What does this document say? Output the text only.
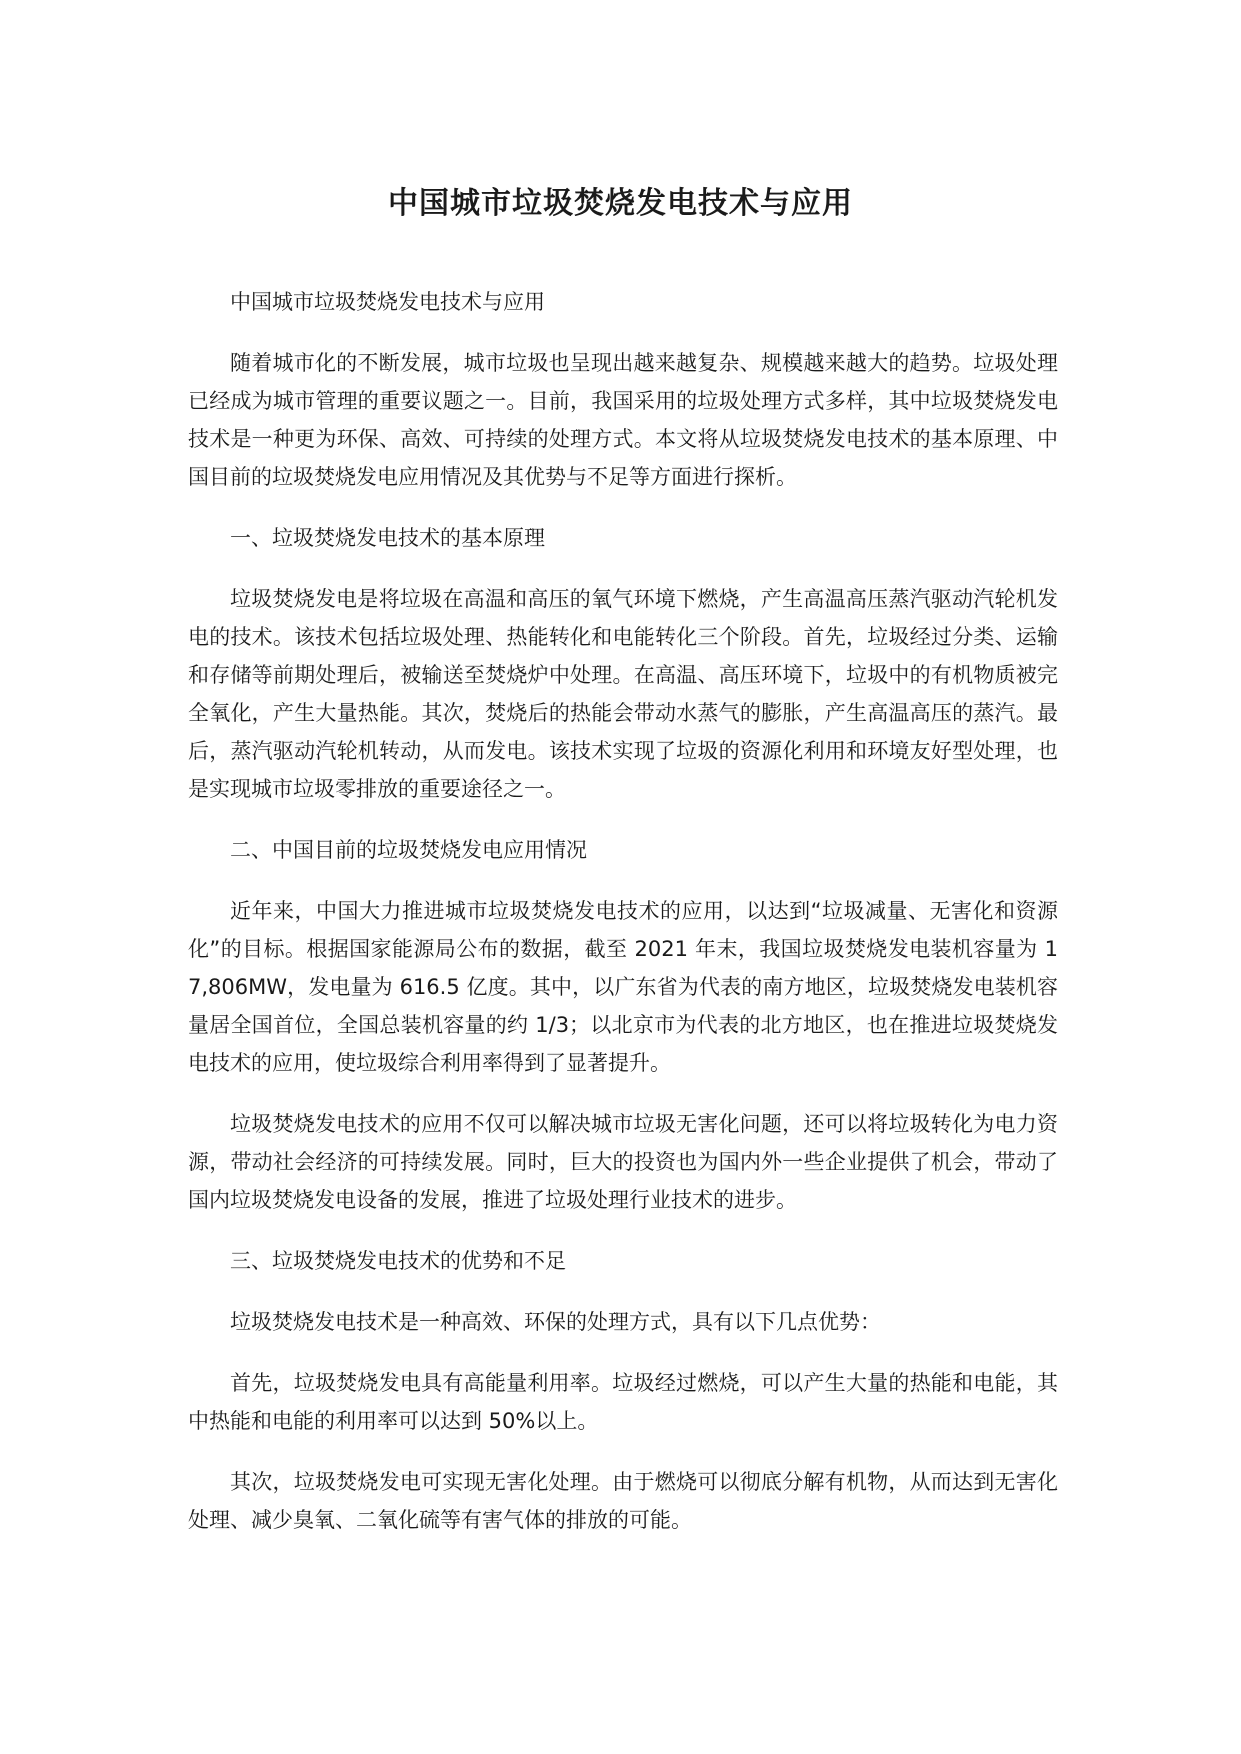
中国城市垃圾焚烧发电技术与应用

中国城市垃圾焚烧发电技术与应用

随着城市化的不断发展，城市垃圾也呈现出越来越复杂、规模越来越大的趋势。垃圾处理已经成为城市管理的重要议题之一。目前，我国采用的垃圾处理方式多样，其中垃圾焚烧发电技术是一种更为环保、高效、可持续的处理方式。本文将从垃圾焚烧发电技术的基本原理、中国目前的垃圾焚烧发电应用情况及其优势与不足等方面进行探析。

一、垃圾焚烧发电技术的基本原理

垃圾焚烧发电是将垃圾在高温和高压的氧气环境下燃烧，产生高温高压蒸汽驱动汽轮机发电的技术。该技术包括垃圾处理、热能转化和电能转化三个阶段。首先，垃圾经过分类、运输和存储等前期处理后，被输送至焚烧炉中处理。在高温、高压环境下，垃圾中的有机物质被完全氧化，产生大量热能。其次，焚烧后的热能会带动水蒸气的膨胀，产生高温高压的蒸汽。最后，蒸汽驱动汽轮机转动，从而发电。该技术实现了垃圾的资源化利用和环境友好型处理，也是实现城市垃圾零排放的重要途径之一。

二、中国目前的垃圾焚烧发电应用情况

近年来，中国大力推进城市垃圾焚烧发电技术的应用，以达到“垃圾减量、无害化和资源化”的目标。根据国家能源局公布的数据，截至 2021 年末，我国垃圾焚烧发电装机容量为 17,806MW，发电量为 616.5 亿度。其中，以广东省为代表的南方地区，垃圾焚烧发电装机容量居全国首位，全国总装机容量的约 1/3；以北京市为代表的北方地区，也在推进垃圾焚烧发电技术的应用，使垃圾综合利用率得到了显著提升。

垃圾焚烧发电技术的应用不仅可以解决城市垃圾无害化问题，还可以将垃圾转化为电力资源，带动社会经济的可持续发展。同时，巨大的投资也为国内外一些企业提供了机会，带动了国内垃圾焚烧发电设备的发展，推进了垃圾处理行业技术的进步。

三、垃圾焚烧发电技术的优势和不足

垃圾焚烧发电技术是一种高效、环保的处理方式，具有以下几点优势：

首先，垃圾焚烧发电具有高能量利用率。垃圾经过燃烧，可以产生大量的热能和电能，其中热能和电能的利用率可以达到 50%以上。

其次，垃圾焚烧发电可实现无害化处理。由于燃烧可以彻底分解有机物，从而达到无害化处理、减少臭氧、二氧化硫等有害气体的排放的可能。
